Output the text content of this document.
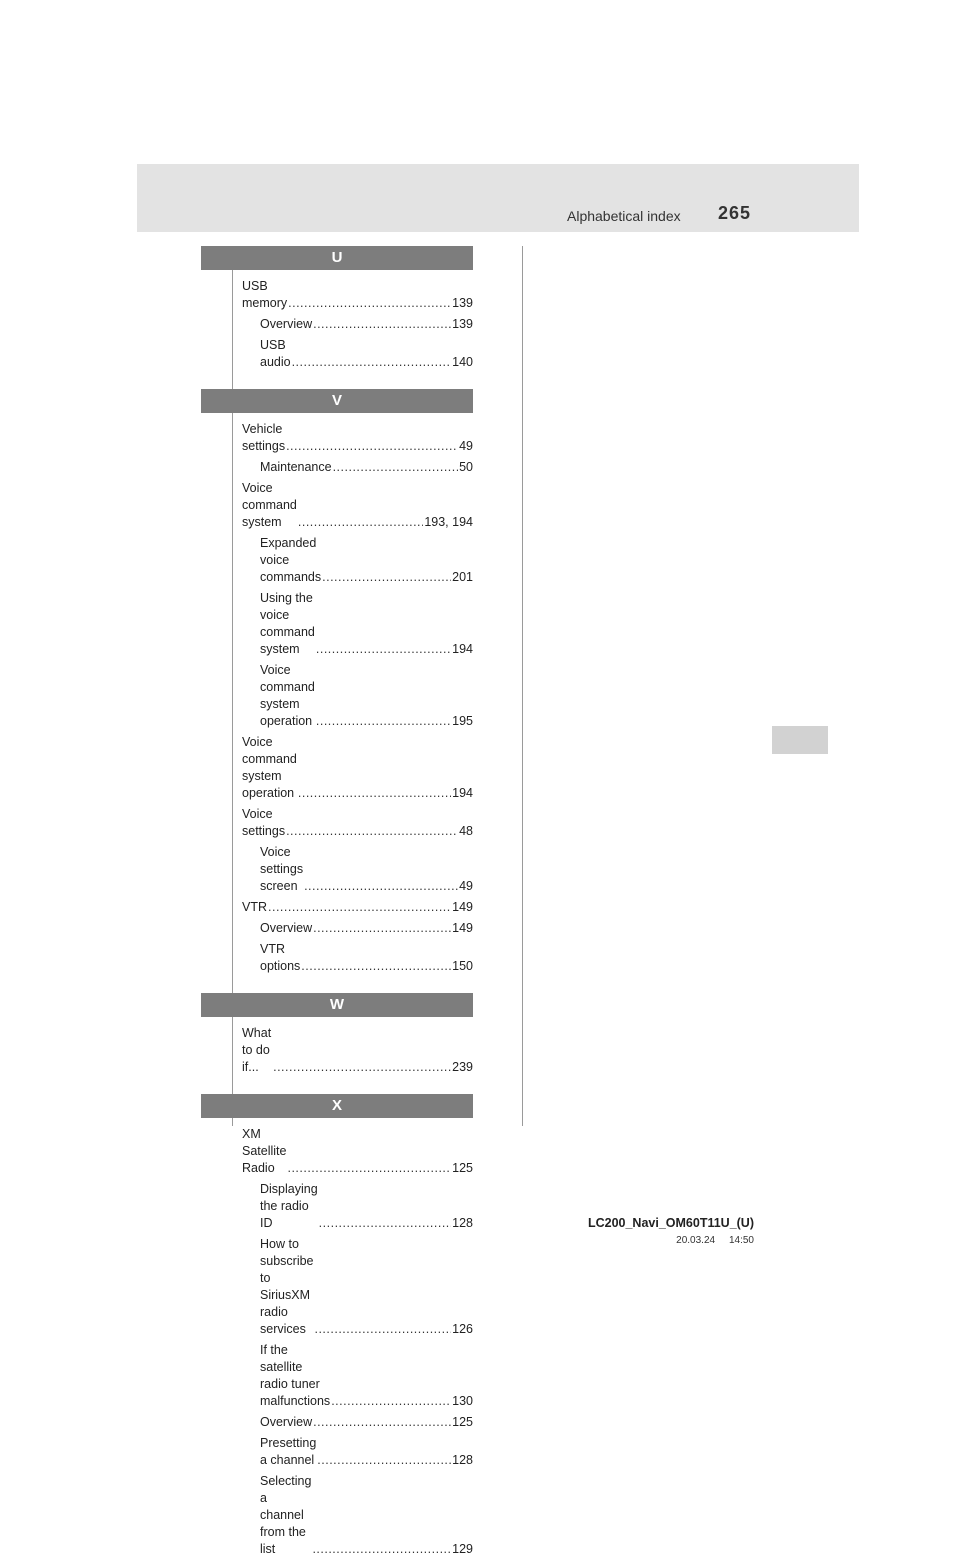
Alphabetical index 265
U
USB memory .....	139
Overview .....	139
USB audio .....	140
V
Vehicle settings .....	49
Maintenance .....	50
Voice command system .....	193, 194
Expanded voice commands .....	201
Using the voice command
system .....	194
Voice command system
operation .....	195
Voice command system
operation .....	194
Voice settings .....	48
Voice settings screen .....	49
VTR .....	149
Overview .....	149
VTR options .....	150
W
What to do if... .....	239
X
XM Satellite Radio .....	125
Displaying the radio ID .....	128
How to subscribe to SiriusXM
radio services .....	126
If the satellite radio tuner
malfunctions .....	130
Overview .....	125
Presetting a channel .....	128
Selecting a channel
from the list .....	129
LC200_Navi_OM60T11U_(U)
20.03.24     14:50
